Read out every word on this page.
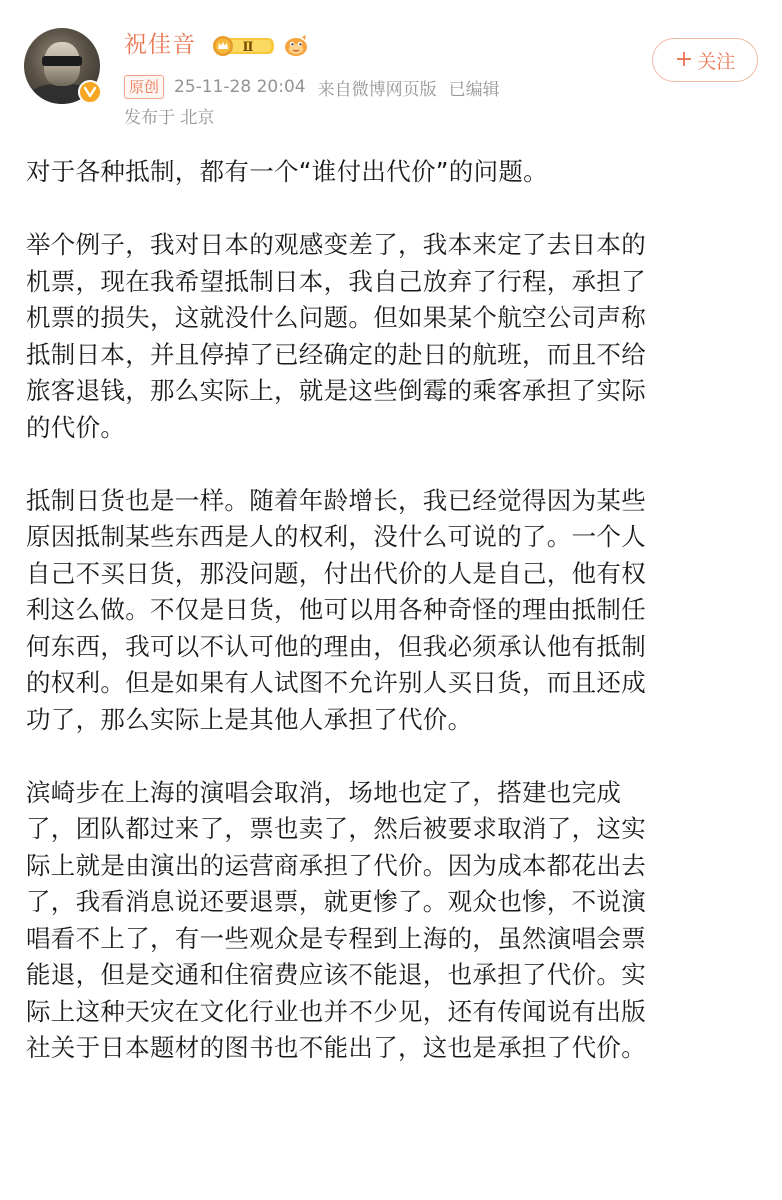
祝佳音	Ⅱ
原创 25-11-28 20:04 来自微博网页版 已编辑
发布于 北京
+ 关注

对于各种抵制，都有一个“谁付出代价”的问题。

举个例子，我对日本的观感变差了，我本来定了去日本的
机票，现在我希望抵制日本，我自己放弃了行程，承担了
机票的损失，这就没什么问题。但如果某个航空公司声称
抵制日本，并且停掉了已经确定的赴日的航班，而且不给
旅客退钱，那么实际上，就是这些倒霉的乘客承担了实际
的代价。

抵制日货也是一样。随着年龄增长，我已经觉得因为某些
原因抵制某些东西是人的权利，没什么可说的了。一个人
自己不买日货，那没问题，付出代价的人是自己，他有权
利这么做。不仅是日货，他可以用各种奇怪的理由抵制任
何东西，我可以不认可他的理由，但我必须承认他有抵制
的权利。但是如果有人试图不允许别人买日货，而且还成
功了，那么实际上是其他人承担了代价。

滨崎步在上海的演唱会取消，场地也定了，搭建也完成
了，团队都过来了，票也卖了，然后被要求取消了，这实
际上就是由演出的运营商承担了代价。因为成本都花出去
了，我看消息说还要退票，就更惨了。观众也惨，不说演
唱看不上了，有一些观众是专程到上海的，虽然演唱会票
能退，但是交通和住宿费应该不能退，也承担了代价。实
际上这种天灾在文化行业也并不少见，还有传闻说有出版
社关于日本题材的图书也不能出了，这也是承担了代价。
